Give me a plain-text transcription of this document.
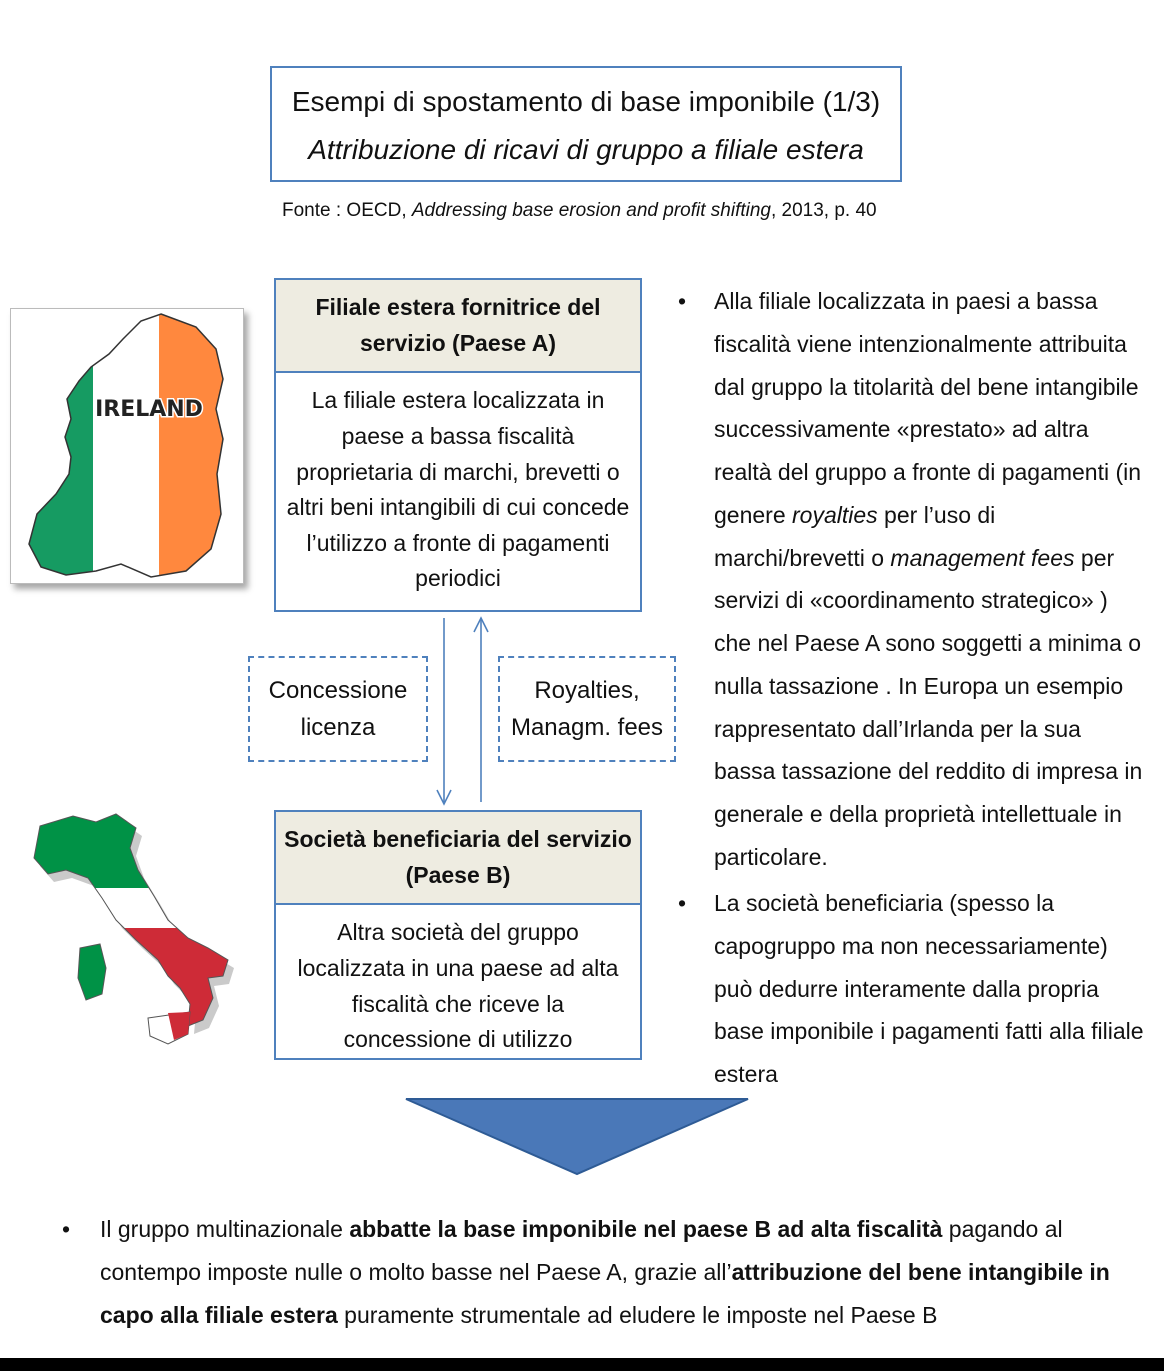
Esempi di spostamento di base imponibile (1/3)
Attribuzione di ricavi di gruppo a filiale estera
Fonte : OECD, Addressing base erosion and profit shifting, 2013, p. 40
IRELAND
Filiale estera fornitrice del servizio (Paese A)
La filiale estera localizzata in paese a bassa fiscalità proprietaria di marchi, brevetti o altri beni intangibili di cui concede l’utilizzo a fronte di pagamenti periodici
Concessione licenza
Royalties, Managm. fees
Società beneficiaria del servizio (Paese B)
Altra società del gruppo localizzata in una paese ad alta fiscalità che riceve la concessione di utilizzo
• Alla filiale localizzata in paesi a bassa fiscalità viene intenzionalmente attribuita dal gruppo la titolarità del bene intangibile successivamente «prestato» ad altra realtà del gruppo a fronte di pagamenti (in genere royalties per l’uso di marchi/brevetti o management fees per servizi di «coordinamento strategico» ) che nel Paese A sono soggetti a minima o nulla tassazione . In Europa un esempio rappresentato dall’Irlanda per la sua bassa tassazione del reddito di impresa in generale e della proprietà intellettuale in particolare.
• La società beneficiaria (spesso la capogruppo ma non necessariamente) può dedurre interamente dalla propria base imponibile i pagamenti fatti alla filiale estera
• Il gruppo multinazionale abbatte la base imponibile nel paese B ad alta fiscalità pagando al contempo imposte nulle o molto basse nel Paese A, grazie all’attribuzione del bene intangibile in capo alla filiale estera puramente strumentale ad eludere le imposte nel Paese B
